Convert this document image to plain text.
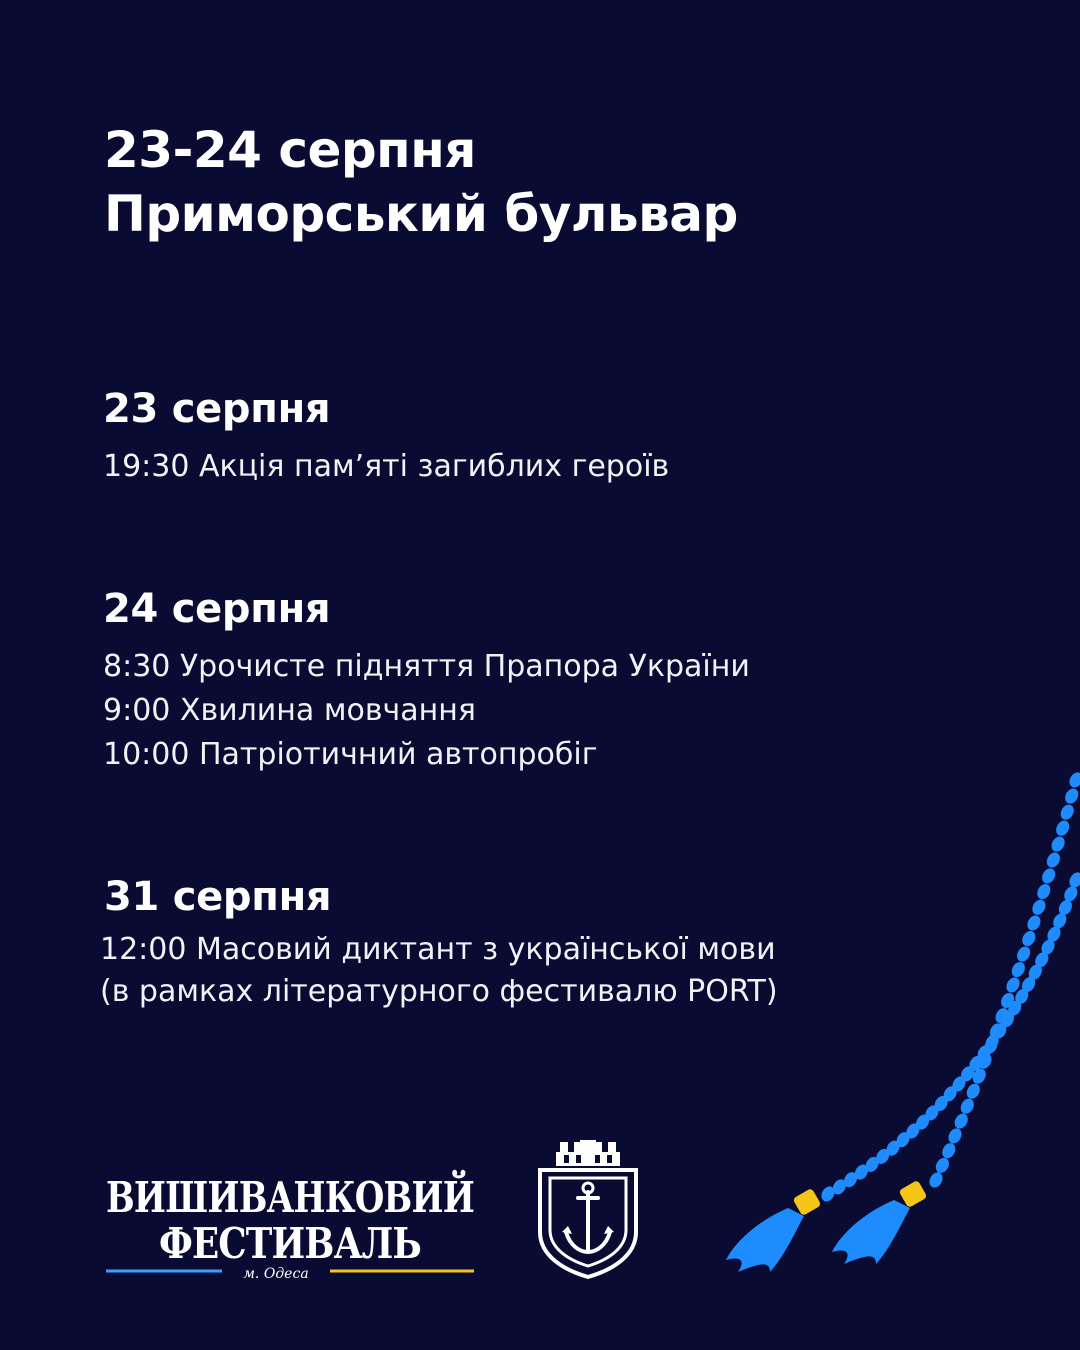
23-24 серпня
Приморський бульвар
23 серпня
19:30 Акція пам’яті загиблих героїв
24 серпня
8:30 Урочисте підняття Прапора України
9:00 Хвилина мовчання
10:00 Патріотичний автопробіг
31 серпня
12:00 Масовий диктант з української мови
(в рамках літературного фестивалю PORT)
ВИШИВАНКОВИЙ
ФЕСТИВАЛЬ
м. Одеса
